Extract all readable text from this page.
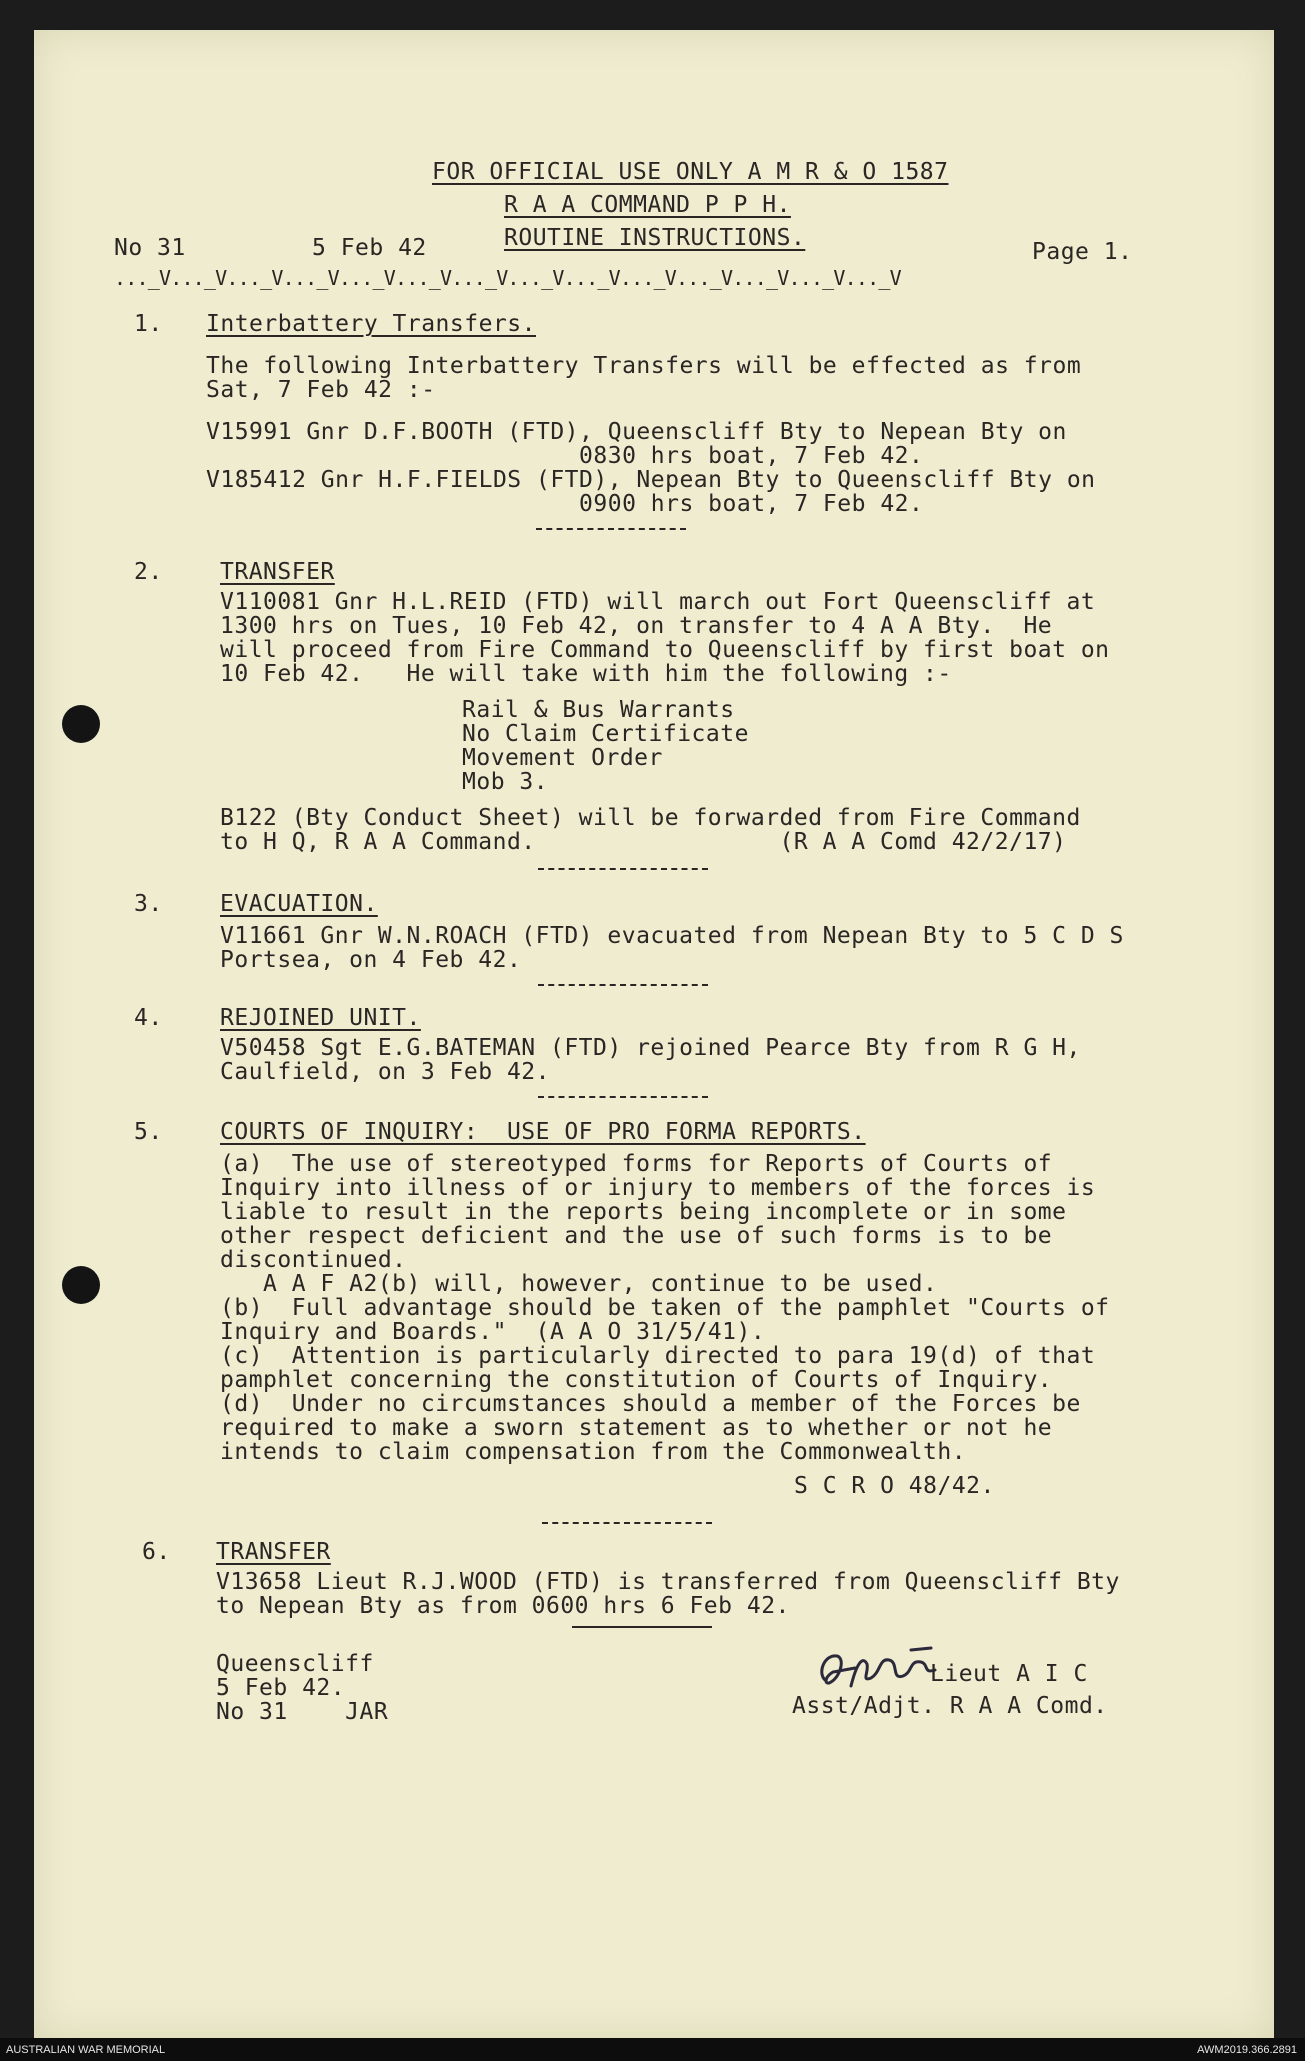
FOR OFFICIAL USE ONLY A M R & O 1587
R A A COMMAND P P H.
ROUTINE INSTRUCTIONS.
No 31	5 Feb 42	Page 1.
..._V..._V..._V..._V..._V..._V..._V..._V..._V..._V..._V..._V..._V..._V
1. Interbattery Transfers.
The following Interbattery Transfers will be effected as from
Sat, 7 Feb 42 :-
V15991 Gnr D.F.BOOTH (FTD), Queenscliff Bty to Nepean Bty on
0830 hrs boat, 7 Feb 42.
V185412 Gnr H.F.FIELDS (FTD), Nepean Bty to Queenscliff Bty on
0900 hrs boat, 7 Feb 42.
2. TRANSFER
V110081 Gnr H.L.REID (FTD) will march out Fort Queenscliff at
1300 hrs on Tues, 10 Feb 42, on transfer to 4 A A Bty.  He
will proceed from Fire Command to Queenscliff by first boat on
10 Feb 42.   He will take with him the following :-
Rail & Bus Warrants
No Claim Certificate
Movement Order
Mob 3.
B122 (Bty Conduct Sheet) will be forwarded from Fire Command
to H Q, R A A Command.                 (R A A Comd 42/2/17)
3. EVACUATION.
V11661 Gnr W.N.ROACH (FTD) evacuated from Nepean Bty to 5 C D S
Portsea, on 4 Feb 42.
4. REJOINED UNIT.
V50458 Sgt E.G.BATEMAN (FTD) rejoined Pearce Bty from R G H,
Caulfield, on 3 Feb 42.
5. COURTS OF INQUIRY:  USE OF PRO FORMA REPORTS.
(a)  The use of stereotyped forms for Reports of Courts of
Inquiry into illness of or injury to members of the forces is
liable to result in the reports being incomplete or in some
other respect deficient and the use of such forms is to be
discontinued.
A A F A2(b) will, however, continue to be used.
(b)  Full advantage should be taken of the pamphlet "Courts of
Inquiry and Boards."  (A A O 31/5/41).
(c)  Attention is particularly directed to para 19(d) of that
pamphlet concerning the constitution of Courts of Inquiry.
(d)  Under no circumstances should a member of the Forces be
required to make a sworn statement as to whether or not he
intends to claim compensation from the Commonwealth.
S C R O 48/42.
6. TRANSFER
V13658 Lieut R.J.WOOD (FTD) is transferred from Queenscliff Bty
to Nepean Bty as from 0600 hrs 6 Feb 42.
Queenscliff
5 Feb 42.
No 31    JAR
Lieut A I C
Asst/Adjt. R A A Comd.
AUSTRALIAN WAR MEMORIAL	AWM2019.366.2891
